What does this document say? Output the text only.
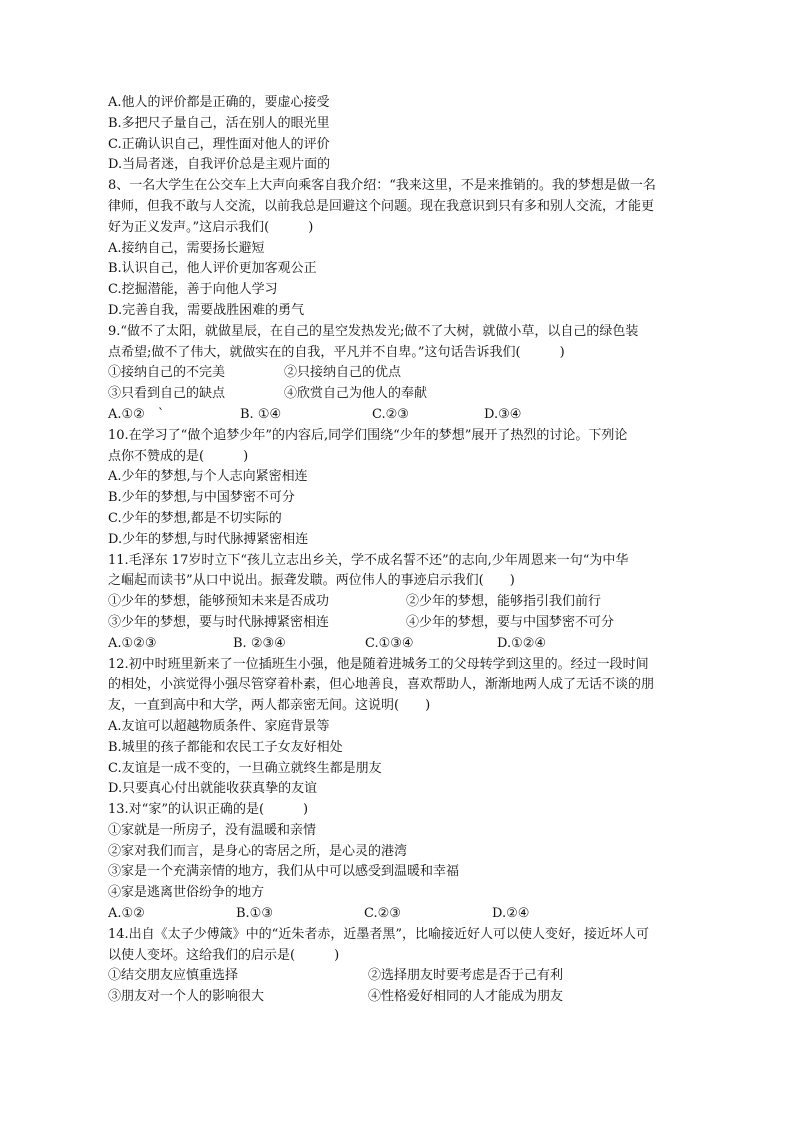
A.他人的评价都是正确的，要虚心接受
B.多把尺子量自己，活在别人的眼光里
C.正确认识自己，理性面对他人的评价
D.当局者迷，自我评价总是主观片面的
8、一名大学生在公交车上大声向乘客自我介绍：“我来这里，不是来推销的。我的梦想是做一名
律师，但我不敢与人交流，以前我总是回避这个问题。现在我意识到只有多和别人交流，才能更
好为正义发声。”这启示我们(　　　)
A.接纳自己，需要扬长避短
B.认识自己，他人评价更加客观公正
C.挖掘潜能，善于向他人学习
D.完善自我，需要战胜困难的勇气
9.“做不了太阳，就做星辰，在自己的星空发热发光;做不了大树，就做小草，以自己的绿色装
点希望;做不了伟大，就做实在的自我，平凡并不自卑。”这句话告诉我们(　　　)
①接纳自己的不完美	②只接纳自己的优点
③只看到自己的缺点	④欣赏自己为他人的奉献
A.①②　`	B. ①④	C.②③	D.③④
10.在学习了“做个追梦少年”的内容后,同学们围绕“少年的梦想”展开了热烈的讨论。下列论
点你不赞成的是(　　　)
A.少年的梦想,与个人志向紧密相连
B.少年的梦想,与中国梦密不可分
C.少年的梦想,都是不切实际的
D.少年的梦想,与时代脉搏紧密相连
11.毛泽东 17岁时立下“孩儿立志出乡关，学不成名誓不还”的志向,少年周恩来一句“为中华
之崛起而读书”从口中说出。振聋发聩。两位伟人的事迹启示我们(　　)
①少年的梦想，能够预知未来是否成功	②少年的梦想，能够指引我们前行
③少年的梦想，要与时代脉搏紧密相连	④少年的梦想，要与中国梦密不可分
A.①②③	B. ②③④	C.①③④	D.①②④
12.初中时班里新来了一位插班生小强，他是随着进城务工的父母转学到这里的。经过一段时间
的相处，小滨觉得小强尽管穿着朴素，但心地善良，喜欢帮助人，渐渐地两人成了无话不谈的朋
友，一直到高中和大学，两人都亲密无间。这说明(　　)
A.友谊可以超越物质条件、家庭背景等
B.城里的孩子都能和农民工子女友好相处
C.友谊是一成不变的，一旦确立就终生都是朋友
D.只要真心付出就能收获真挚的友谊
13.对“家”的认识正确的是(　　　)
①家就是一所房子，没有温暖和亲情
②家对我们而言，是身心的寄居之所，是心灵的港湾
③家是一个充满亲情的地方，我们从中可以感受到温暖和幸福
④家是逃离世俗纷争的地方
A.①②	B.①③	C.②③	D.②④
14.出自《太子少傅箴》中的“近朱者赤，近墨者黑”，比喻接近好人可以使人变好，接近坏人可
以使人变坏。这给我们的启示是(　　　)
①结交朋友应慎重选择	②选择朋友时要考虑是否于己有利
③朋友对一个人的影响很大	④性格爱好相同的人才能成为朋友
